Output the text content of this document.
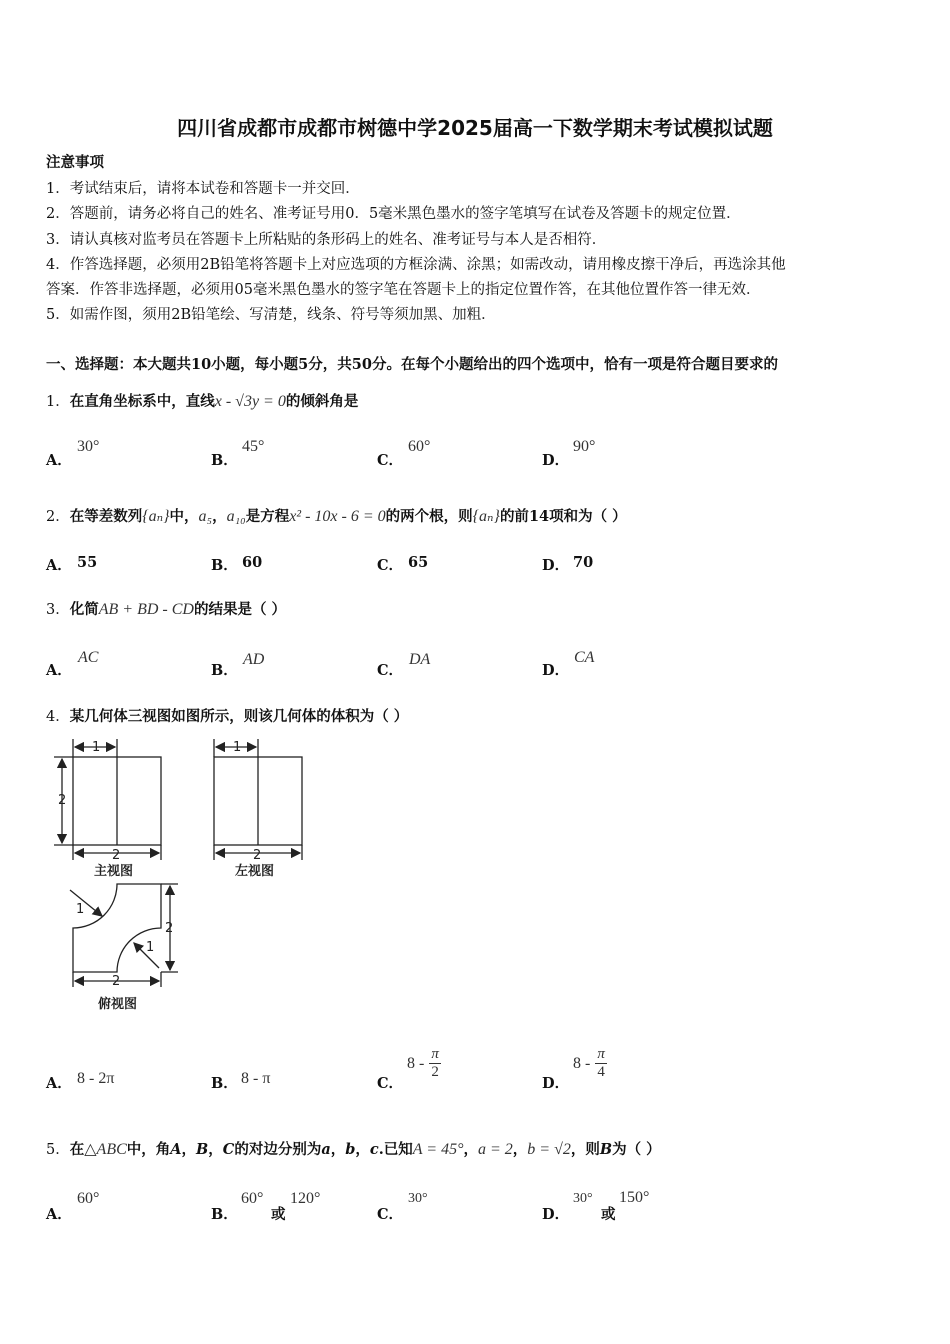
四川省成都市成都市树德中学2025届高一下数学期末考试模拟试题
注意事项
1．考试结束后，请将本试卷和答题卡一并交回．
2．答题前，请务必将自己的姓名、准考证号用0．5毫米黑色墨水的签字笔填写在试卷及答题卡的规定位置．
3．请认真核对监考员在答题卡上所粘贴的条形码上的姓名、准考证号与本人是否相符．
4．作答选择题，必须用2B铅笔将答题卡上对应选项的方框涂满、涂黑；如需改动，请用橡皮擦干净后，再选涂其他
答案．作答非选择题，必须用05毫米黑色墨水的签字笔在答题卡上的指定位置作答，在其他位置作答一律无效．
5．如需作图，须用2B铅笔绘、写清楚，线条、符号等须加黑、加粗．
一、选择题：本大题共10小题，每小题5分，共50分。在每个小题给出的四个选项中，恰有一项是符合题目要求的
1．在直角坐标系中，直线x - √3y = 0的倾斜角是
A．
30°
B．
45°
C．
60°
D．
90°
2．在等差数列{aₙ}中，a₅，a₁₀是方程x² - 10x - 6 = 0的两个根，则{aₙ}的前14项和为（ ）
A． 55	B． 60	C． 65	D． 70
3．化简AB + BD - CD的结果是（ ）
A．
AC
B．
AD
C．
DA
D．
CA
4．某几何体三视图如图所示，则该几何体的体积为（ ）
1	1
2
2	2
主视图	左视图
1
2
1
2
俯视图
A． 8 - 2π	B． 8 - π	C．
$8 - \frac{\pi}{2}$
D．
$8 - \frac{\pi}{4}$
5．在△ABC中，角A，B，C的对边分别为a，b，c.已知A = 45°，a = 2，b = √2，则B为（ ）
A．
60°
B．
60°
或
120°
C．
30°
D．
30°
或
150°
